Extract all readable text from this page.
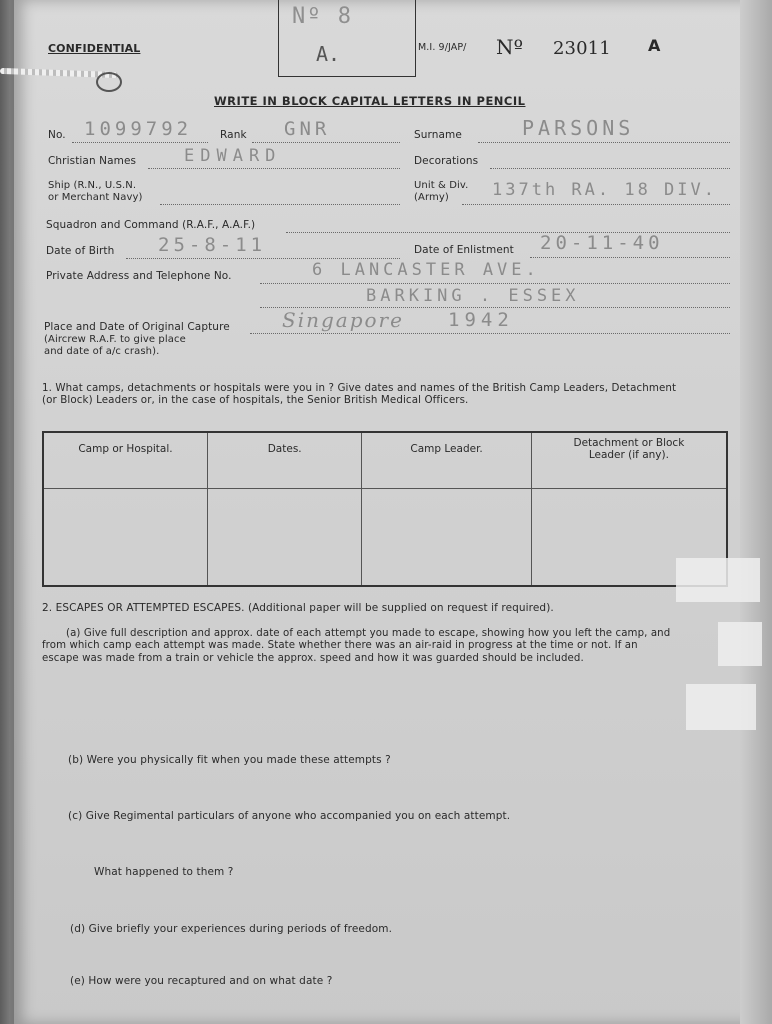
Nº 8
A.
CONFIDENTIAL	M.I. 9/JAP/ Nº 23011 A
WRITE IN BLOCK CAPITAL LETTERS IN PENCIL
No. 1099792	Rank GNR	Surname	PARSONS
Christian Names	EDWARD	Decorations
Ship (R.N., U.S.N.
or Merchant Navy)
Unit & Div.
(Army)	137th RA. 18 DIV.
Squadron and Command (R.A.F., A.A.F.)
Date of Birth 25-8-11	Date of Enlistment 20-11-40
Private Address and Telephone No.	6 LANCASTER AVE.
BARKING . ESSEX
Place and Date of Original Capture
(Aircrew R.A.F. to give place
and date of a/c crash).
Singapore 1942
1. What camps, detachments or hospitals were you in ? Give dates and names of the British Camp Leaders, Detachment
(or Block) Leaders or, in the case of hospitals, the Senior British Medical Officers.
Camp or Hospital.	Dates.	Camp Leader.	Detachment or Block Leader (if any).

2. ESCAPES OR ATTEMPTED ESCAPES. (Additional paper will be supplied on request if required).
(a) Give full description and approx. date of each attempt you made to escape, showing how you left the camp, and
from which camp each attempt was made. State whether there was an air-raid in progress at the time or not. If an
escape was made from a train or vehicle the approx. speed and how it was guarded should be included.
(b) Were you physically fit when you made these attempts ?
(c) Give Regimental particulars of anyone who accompanied you on each attempt.
What happened to them ?
(d) Give briefly your experiences during periods of freedom.
(e) How were you recaptured and on what date ?
